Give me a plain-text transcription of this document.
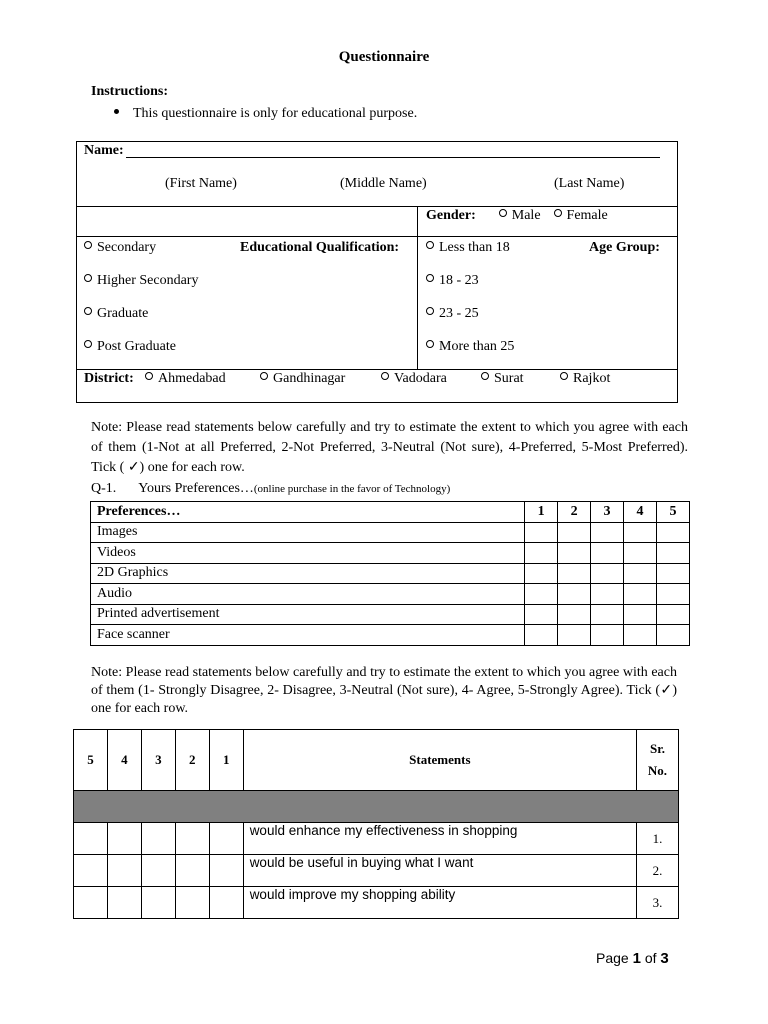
Questionnaire
Instructions:
This questionnaire is only for educational purpose.
Name:
(First Name)	(Middle Name)	(Last Name)
Gender:	Male Female
Educational Qualification:
Secondary
Higher Secondary
Graduate
Post Graduate
Age Group:
Less than 18
18 - 23
23 - 25
More than 25
District:	Ahmedabad	Gandhinagar	Vadodara	Surat	Rajkot
Note: Please read statements below carefully and try to estimate the extent to which you agree with each of them (1-Not at all Preferred, 2-Not Preferred, 3-Neutral (Not sure), 4-Preferred, 5-Most Preferred). Tick ( ✓) one for each row.
Q-1. Yours Preferences…(online purchase in the favor of Technology)
Preferences…	1	2	3	4	5
Images					
Videos					
2D Graphics					
Audio					
Printed advertisement					
Face scanner					
Note: Please read statements below carefully and try to estimate the extent to which you agree with each of them (1- Strongly Disagree, 2- Disagree, 3-Neutral (Not sure), 4- Agree, 5-Strongly Agree). Tick (✓) one for each row.
5	4	3	2	1	Statements	Sr.
No.

					would enhance my effectiveness in shopping	1.
					would be useful in buying what I want	2.
					would improve my shopping ability	3.
Page 1 of 3
